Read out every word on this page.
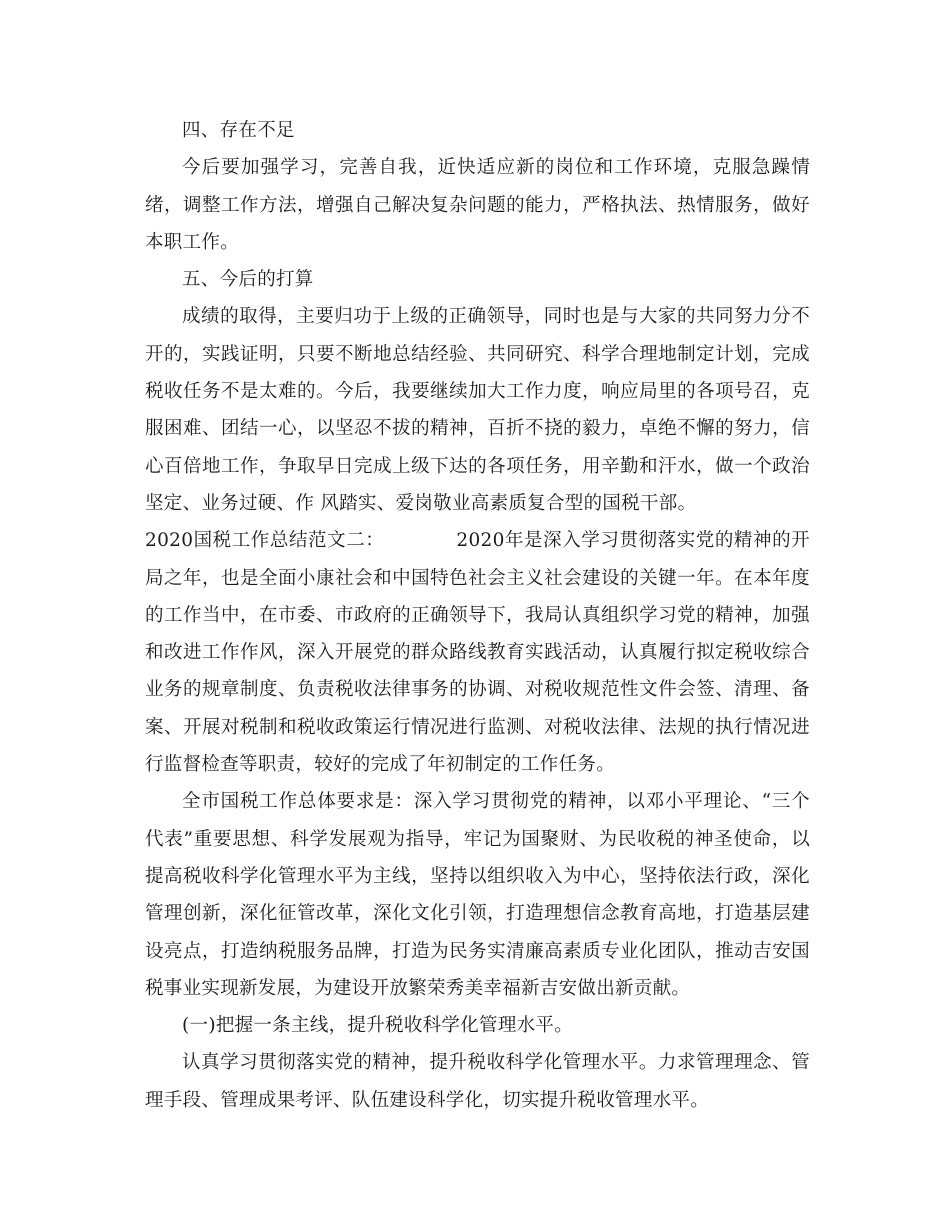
四、存在不足

今后要加强学习，完善自我，近快适应新的岗位和工作环境，克服急躁情绪，调整工作方法，增强自己解决复杂问题的能力，严格执法、热情服务，做好本职工作。

五、今后的打算

成绩的取得，主要归功于上级的正确领导，同时也是与大家的共同努力分不开的，实践证明，只要不断地总结经验、共同研究、科学合理地制定计划，完成税收任务不是太难的。今后，我要继续加大工作力度，响应局里的各项号召，克服困难、团结一心，以坚忍不拔的精神，百折不挠的毅力，卓绝不懈的努力，信心百倍地工作，争取早日完成上级下达的各项任务，用辛勤和汗水，做一个政治坚定、业务过硬、作 风踏实、爱岗敬业高素质复合型的国税干部。

2020国税工作总结范文二：	2020年是深入学习贯彻落实党的精神的开局之年，也是全面小康社会和中国特色社会主义社会建设的关键一年。在本年度的工作当中，在市委、市政府的正确领导下，我局认真组织学习党的精神，加强和改进工作作风，深入开展党的群众路线教育实践活动，认真履行拟定税收综合业务的规章制度、负责税收法律事务的协调、对税收规范性文件会签、清理、备案、开展对税制和税收政策运行情况进行监测、对税收法律、法规的执行情况进行监督检查等职责，较好的完成了年初制定的工作任务。

全市国税工作总体要求是：深入学习贯彻党的精神，以邓小平理论、“三个代表”重要思想、科学发展观为指导，牢记为国聚财、为民收税的神圣使命，以提高税收科学化管理水平为主线，坚持以组织收入为中心，坚持依法行政，深化管理创新，深化征管改革，深化文化引领，打造理想信念教育高地，打造基层建设亮点，打造纳税服务品牌，打造为民务实清廉高素质专业化团队，推动吉安国税事业实现新发展，为建设开放繁荣秀美幸福新吉安做出新贡献。

(一)把握一条主线，提升税收科学化管理水平。

认真学习贯彻落实党的精神，提升税收科学化管理水平。力求管理理念、管理手段、管理成果考评、队伍建设科学化，切实提升税收管理水平。
